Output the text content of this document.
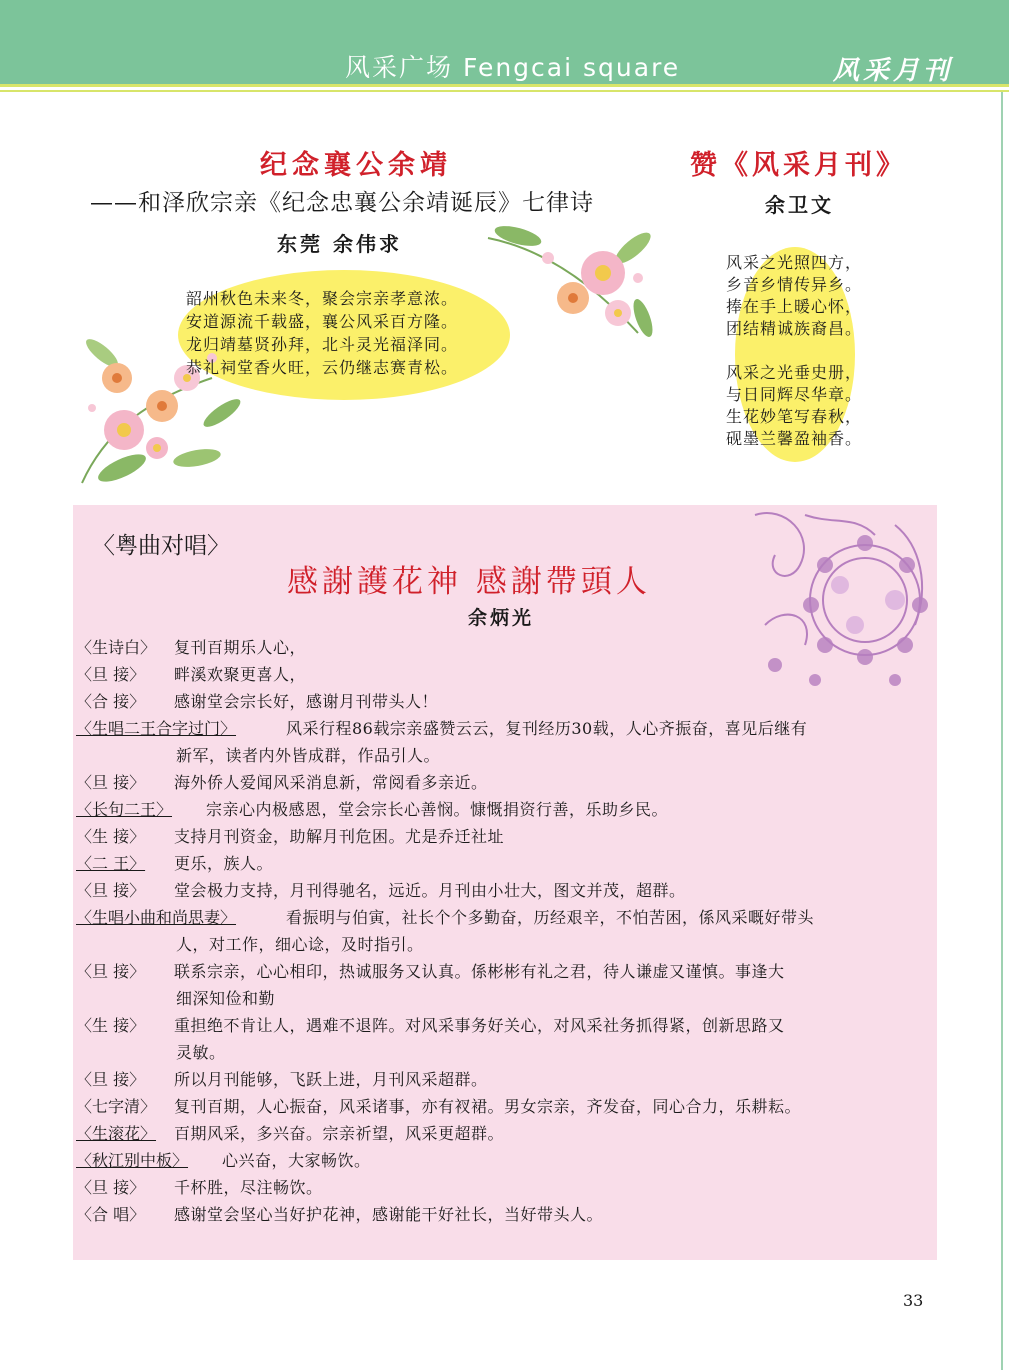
风采广场 Fengcai square	风采月刊
纪念襄公余靖
——和泽欣宗亲《纪念忠襄公余靖诞辰》七律诗
东莞 余伟求
韶州秋色未来冬，聚会宗亲孝意浓。
安道源流千载盛，襄公风采百方隆。
龙归靖墓贤孙拜，北斗灵光福泽同。
恭礼祠堂香火旺，云仍继志赛青松。
赞《风采月刊》
余卫文
风采之光照四方，
乡音乡情传异乡。
捧在手上暖心怀，
团结精诚族裔昌。
风采之光垂史册，
与日同辉尽华章。
生花妙笔写春秋，
砚墨兰馨盈袖香。
〈粤曲对唱〉
感謝護花神 感謝帶頭人
余炳光
〈生诗白〉 复刊百期乐人心，
〈旦 接〉 畔溪欢聚更喜人，
〈合 接〉 感谢堂会宗长好，感谢月刊带头人！
〈生唱二王合字过门〉	风采行程86载宗亲盛赞云云，复刊经历30载，人心齐振奋，喜见后继有
新军，读者内外皆成群，作品引人。
〈旦 接〉 海外侨人爱闻风采消息新，常阅看多亲近。
〈长句二王〉 宗亲心内极感恩，堂会宗长心善悯。慷慨捐资行善，乐助乡民。
〈生 接〉 支持月刊资金，助解月刊危困。尤是乔迁社址
〈二 王〉 更乐，族人。
〈旦 接〉 堂会极力支持，月刊得驰名，远近。月刊由小壮大，图文并茂，超群。
〈生唱小曲和尚思妻〉	看振明与伯寅，社长个个多勤奋，历经艰辛，不怕苦困，係风采嘅好带头
人，对工作，细心谂，及时指引。
〈旦 接〉 联系宗亲，心心相印，热诚服务又认真。係彬彬有礼之君，待人谦虚又谨慎。事逢大
细深知俭和勤
〈生 接〉 重担绝不肯让人，遇难不退阵。对风采事务好关心，对风采社务抓得紧，创新思路又
灵敏。
〈旦 接〉 所以月刊能够，飞跃上进，月刊风采超群。
〈七字清〉 复刊百期，人心振奋，风采诸事，亦有衩裙。男女宗亲，齐发奋，同心合力，乐耕耘。
〈生滚花〉 百期风采，多兴奋。宗亲祈望，风采更超群。
〈秋江别中板〉 心兴奋，大家畅饮。
〈旦 接〉 千杯胜，尽注畅饮。
〈合 唱〉 感谢堂会坚心当好护花神，感谢能干好社长，当好带头人。
33
